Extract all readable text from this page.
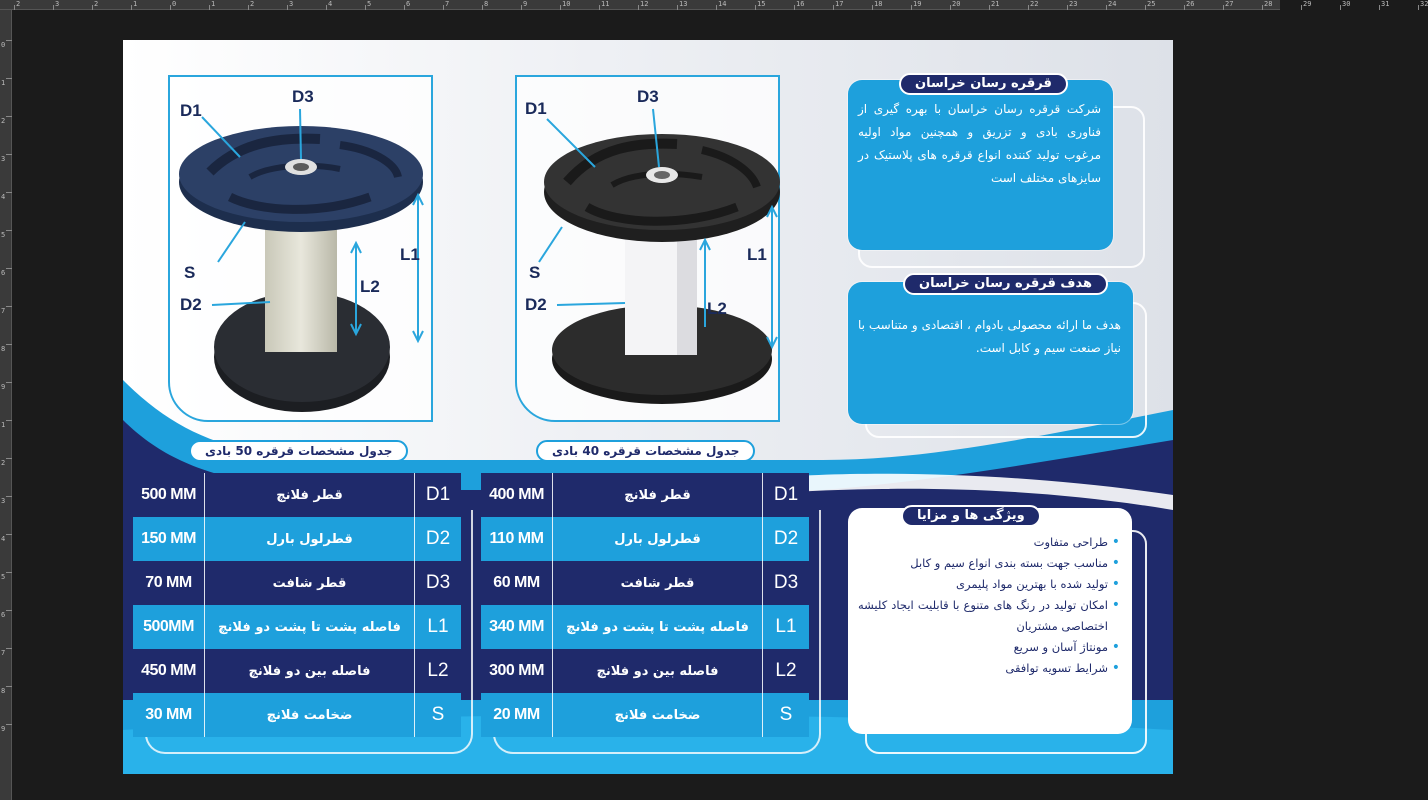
2	3	2	1	0	1	2	3	4	5	6	7	8	9	10	11	12	13	14	15	16	17	18	19	20	21	22	23	24	25	26	27	28	29	30	31	32
0
1
2
3
4
5
6
7
8
9
1
2
3
4
5
6
7
8
9
D1
D3
S
D2
L1
L2
D1
D3
S
D2
L1
L2
جدول مشخصات قرقره 50 بادی	جدول مشخصات قرقره 40 بادی
500 MM	قطر فلانچ	D1
150 MM	قطرلول بارل	D2
70 MM	قطر شافت	D3
500MM	فاصله پشت تا پشت دو فلانچ	L1
450 MM	فاصله بین دو فلانچ	L2
30 MM	ضخامت فلانچ	S
400 MM	قطر فلانچ	D1
110 MM	قطرلول بارل	D2
60 MM	قطر شافت	D3
340 MM	فاصله پشت تا پشت دو فلانچ	L1
300 MM	فاصله بین دو فلانچ	L2
20 MM	ضخامت فلانچ	S
شرکت قرقره رسان خراسان با بهره گیری از فناوری بادی و تزریق و همچنین مواد اولیه مرغوب تولید کننده انواع قرقره های پلاستیک در سایزهای مختلف است
قرقره رسان خراسان
هدف ما ارائه محصولی بادوام ، اقتصادی و متناسب با نیاز صنعت سیم و کابل است.
هدف قرقره رسان خراسان
• طراحی متفاوت
• مناسب جهت بسته بندی انواع سیم و کابل
• تولید شده با بهترین مواد پلیمری
• امکان تولید در رنگ های متنوع با قابلیت ایجاد کلیشه اختصاصی مشتریان
• مونتاژ آسان و سریع
• شرایط تسویه توافقی
ویژگی ها و مزایا
